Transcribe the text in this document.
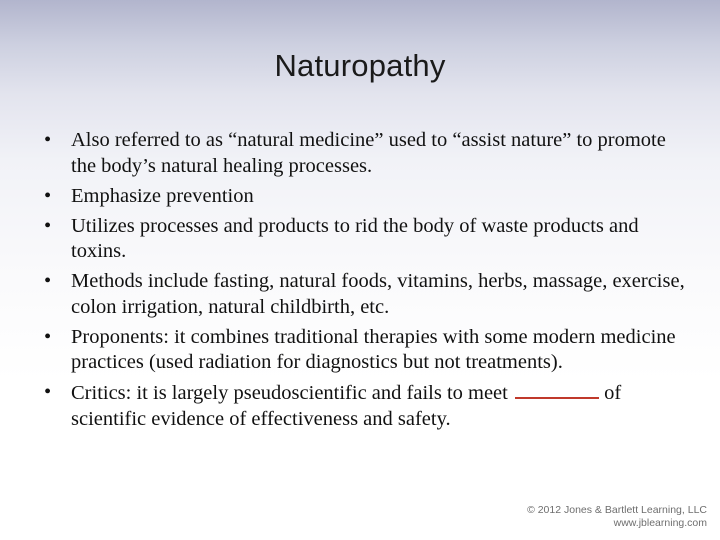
Naturopathy
• Also referred to as “natural medicine” used to “assist nature” to promote the body’s natural healing processes.
• Emphasize prevention
• Utilizes processes and products to rid the body of waste products and toxins.
• Methods include fasting, natural foods, vitamins, herbs, massage, exercise, colon irrigation, natural childbirth, etc.
• Proponents: it combines traditional therapies with some modern medicine practices (used radiation for diagnostics but not treatments).
• Critics: it is largely pseudoscientific and fails to meet	of scientific evidence of effectiveness and safety.
© 2012 Jones & Bartlett Learning, LLC
www.jblearning.com
